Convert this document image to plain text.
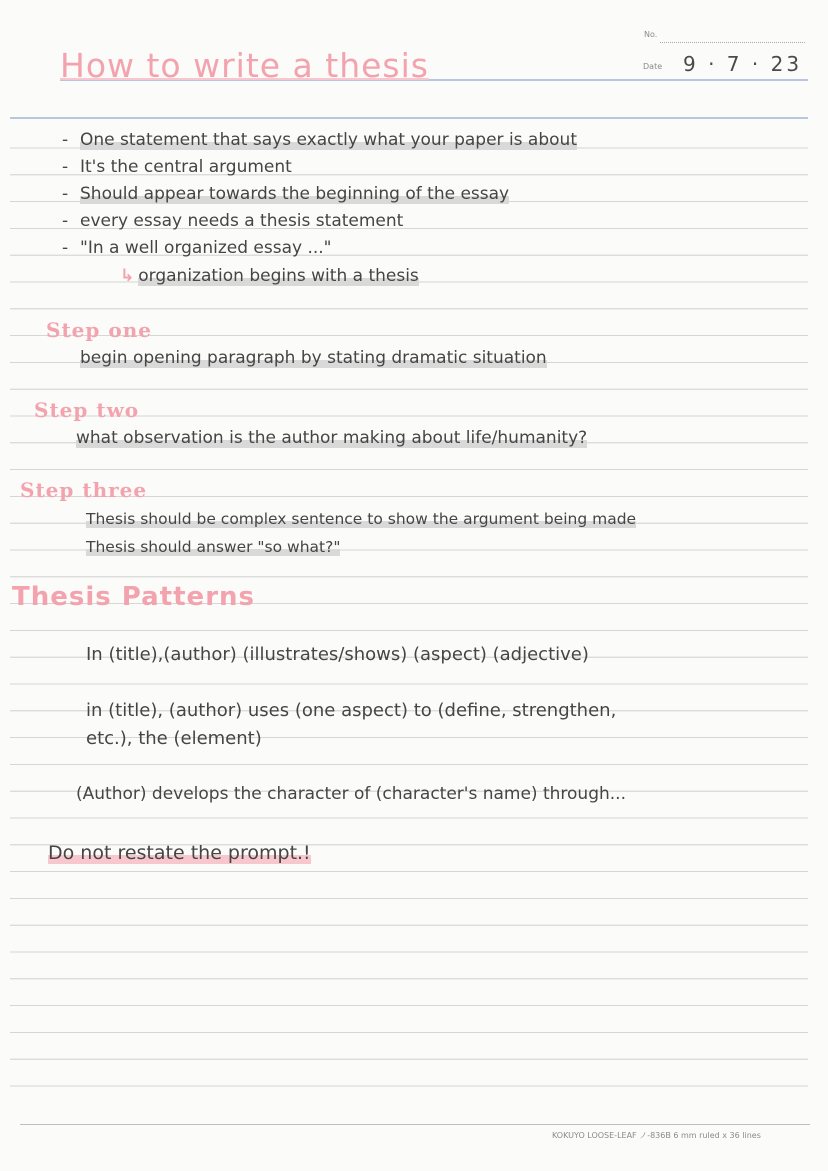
No.
Date 9 · 7 · 23
How to write a thesis
- One statement that says exactly what your paper is about
- It's the central argument
- Should appear towards the beginning of the essay
- every essay needs a thesis statement
- "In a well organized essay ..."
↳ organization begins with a thesis
Step one
begin opening paragraph by stating dramatic situation
Step two
what observation is the author making about life/humanity?
Step three
Thesis should be complex sentence to show the argument being made
Thesis should answer "so what?"
Thesis Patterns
In (title),(author) (illustrates/shows) (aspect) (adjective)
in (title), (author) uses (one aspect) to (define, strengthen,
etc.), the (element)
(Author) develops the character of (character's name) through...
Do not restate the prompt.!
KOKUYO LOOSE-LEAF ノ-836B 6 mm ruled x 36 lines
